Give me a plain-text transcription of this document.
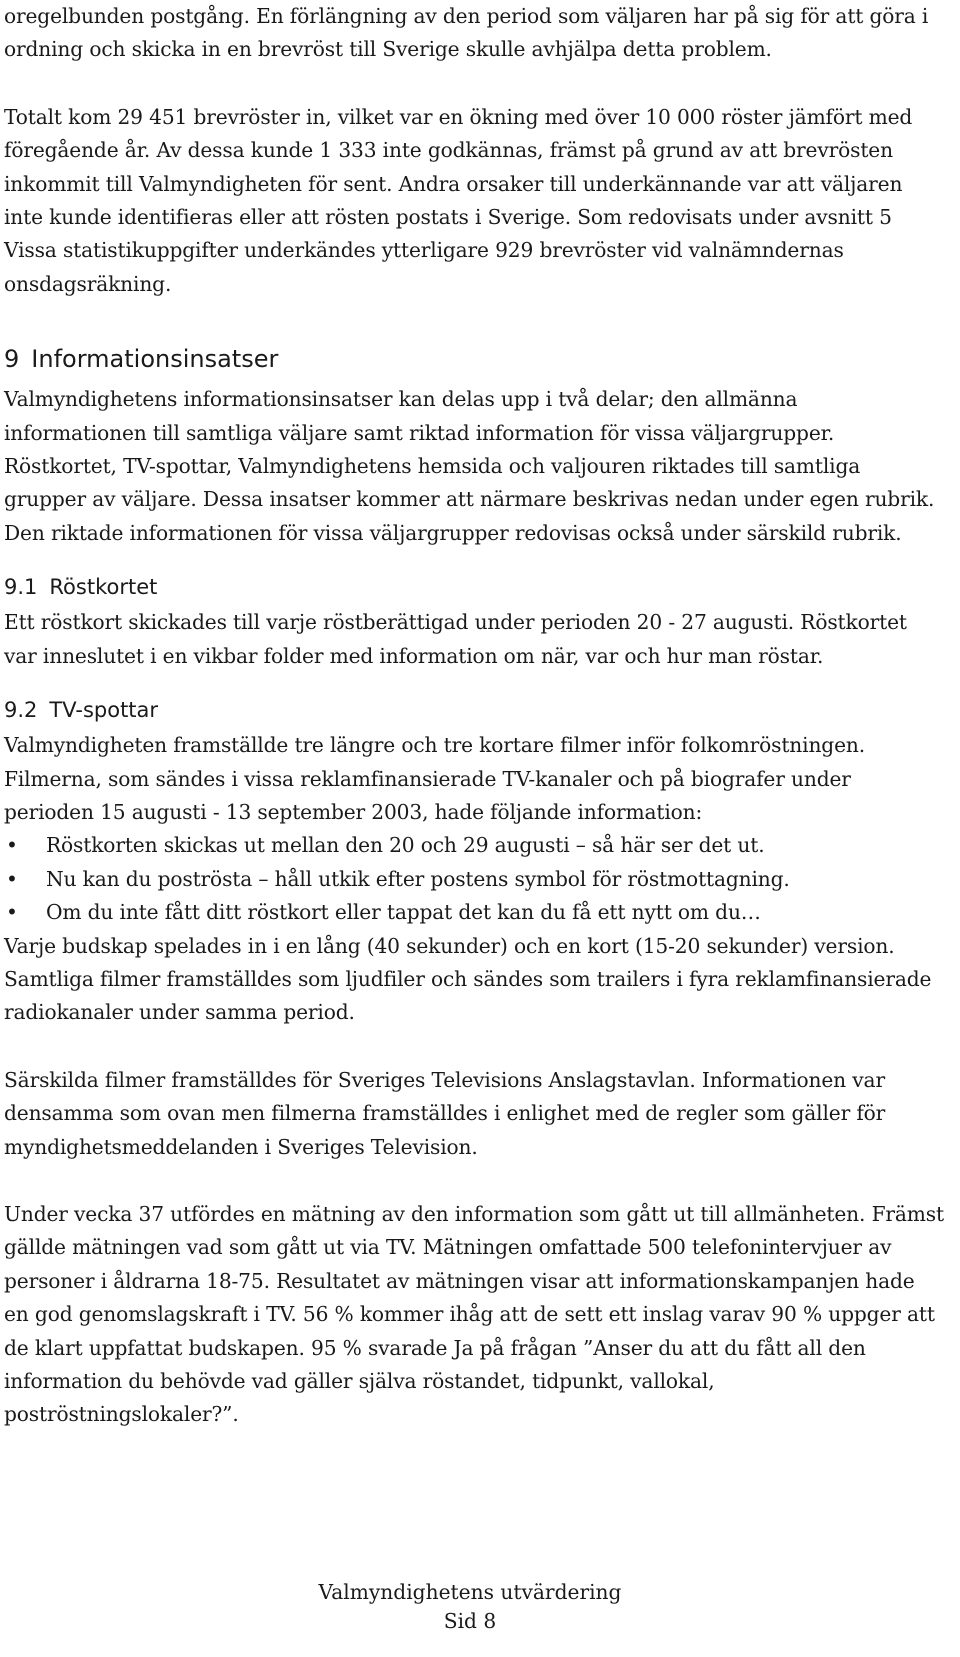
oregelbunden postgång. En förlängning av den period som väljaren har på sig för att göra i ordning och skicka in en brevröst till Sverige skulle avhjälpa detta problem.

Totalt kom 29 451 brevröster in, vilket var en ökning med över 10 000 röster jämfört med föregående år. Av dessa kunde 1 333 inte godkännas, främst på grund av att brevrösten inkommit till Valmyndigheten för sent. Andra orsaker till underkännande var att väljaren inte kunde identifieras eller att rösten postats i Sverige. Som redovisats under avsnitt 5 Vissa statistikuppgifter underkändes ytterligare 929 brevröster vid valnämndernas onsdagsräkning.

9 Informationsinsatser

Valmyndighetens informationsinsatser kan delas upp i två delar; den allmänna informationen till samtliga väljare samt riktad information för vissa väljargrupper. Röstkortet, TV-spottar, Valmyndighetens hemsida och valjouren riktades till samtliga grupper av väljare. Dessa insatser kommer att närmare beskrivas nedan under egen rubrik. Den riktade informationen för vissa väljargrupper redovisas också under särskild rubrik.

9.1 Röstkortet

Ett röstkort skickades till varje röstberättigad under perioden 20 - 27 augusti. Röstkortet var inneslutet i en vikbar folder med information om när, var och hur man röstar.

9.2 TV-spottar

Valmyndigheten framställde tre längre och tre kortare filmer inför folkomröstningen. Filmerna, som sändes i vissa reklamfinansierade TV-kanaler och på biografer under perioden 15 augusti - 13 september 2003, hade följande information:

• Röstkorten skickas ut mellan den 20 och 29 augusti – så här ser det ut.
• Nu kan du poströsta – håll utkik efter postens symbol för röstmottagning.
• Om du inte fått ditt röstkort eller tappat det kan du få ett nytt om du…

Varje budskap spelades in i en lång (40 sekunder) och en kort (15-20 sekunder) version. Samtliga filmer framställdes som ljudfiler och sändes som trailers i fyra reklamfinansierade radiokanaler under samma period.

Särskilda filmer framställdes för Sveriges Televisions Anslagstavlan. Informationen var densamma som ovan men filmerna framställdes i enlighet med de regler som gäller för myndighetsmeddelanden i Sveriges Television.

Under vecka 37 utfördes en mätning av den information som gått ut till allmänheten. Främst gällde mätningen vad som gått ut via TV. Mätningen omfattade 500 telefonintervjuer av personer i åldrarna 18-75. Resultatet av mätningen visar att informationskampanjen hade en god genomslagskraft i TV. 56 % kommer ihåg att de sett ett inslag varav 90 % uppger att de klart uppfattat budskapen. 95 % svarade Ja på frågan ”Anser du att du fått all den information du behövde vad gäller själva röstandet, tidpunkt, vallokal, poströstningslokaler?”.

Valmyndighetens utvärdering
Sid 8
